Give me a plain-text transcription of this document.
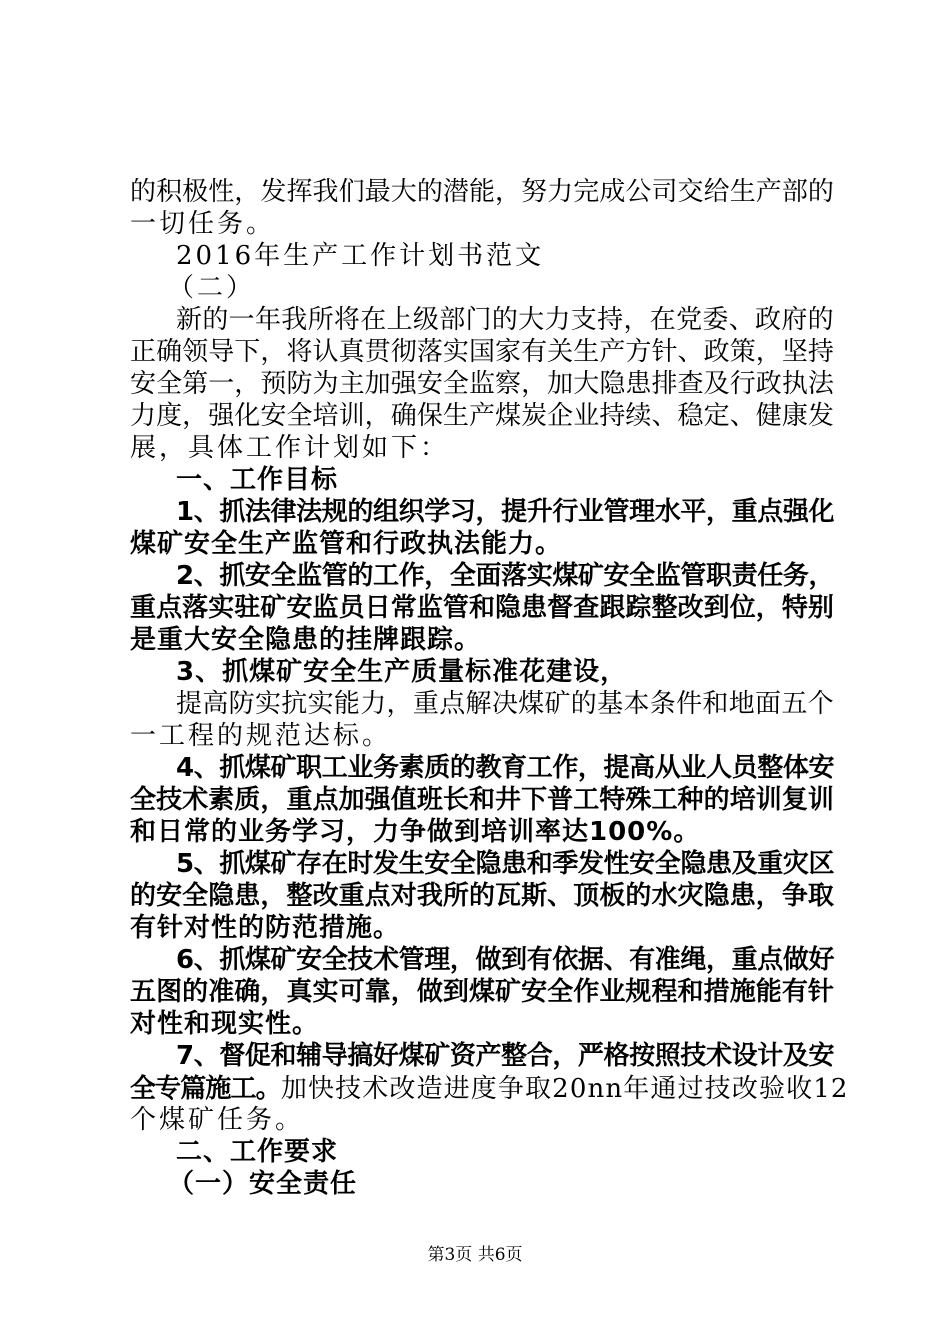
的积极性，发挥我们最大的潜能，努力完成公司交给生产部的
一切任务。
2016年生产工作计划书范文
（二）
新的一年我所将在上级部门的大力支持，在党委、政府的
正确领导下，将认真贯彻落实国家有关生产方针、政策，坚持
安全第一，预防为主加强安全监察，加大隐患排查及行政执法
力度，强化安全培训，确保生产煤炭企业持续、稳定、健康发
展，具体工作计划如下：
一、工作目标
1、抓法律法规的组织学习，提升行业管理水平，重点强化
煤矿安全生产监管和行政执法能力。
2、抓安全监管的工作，全面落实煤矿安全监管职责任务，
重点落实驻矿安监员日常监管和隐患督查跟踪整改到位，特别
是重大安全隐患的挂牌跟踪。
3、抓煤矿安全生产质量标准花建设，
提高防实抗实能力，重点解决煤矿的基本条件和地面五个
一工程的规范达标。
4、抓煤矿职工业务素质的教育工作，提高从业人员整体安
全技术素质，重点加强值班长和井下普工特殊工种的培训复训
和日常的业务学习，力争做到培训率达100%。
5、抓煤矿存在时发生安全隐患和季发性安全隐患及重灾区
的安全隐患，整改重点对我所的瓦斯、顶板的水灾隐患，争取
有针对性的防范措施。
6、抓煤矿安全技术管理，做到有依据、有准绳，重点做好
五图的准确，真实可靠，做到煤矿安全作业规程和措施能有针
对性和现实性。
7、督促和辅导搞好煤矿资产整合，严格按照技术设计及安
全专篇施工。加快技术改造进度争取20nn年通过技改验收12
个煤矿任务。
二、工作要求
（一）安全责任
第3页 共6页
